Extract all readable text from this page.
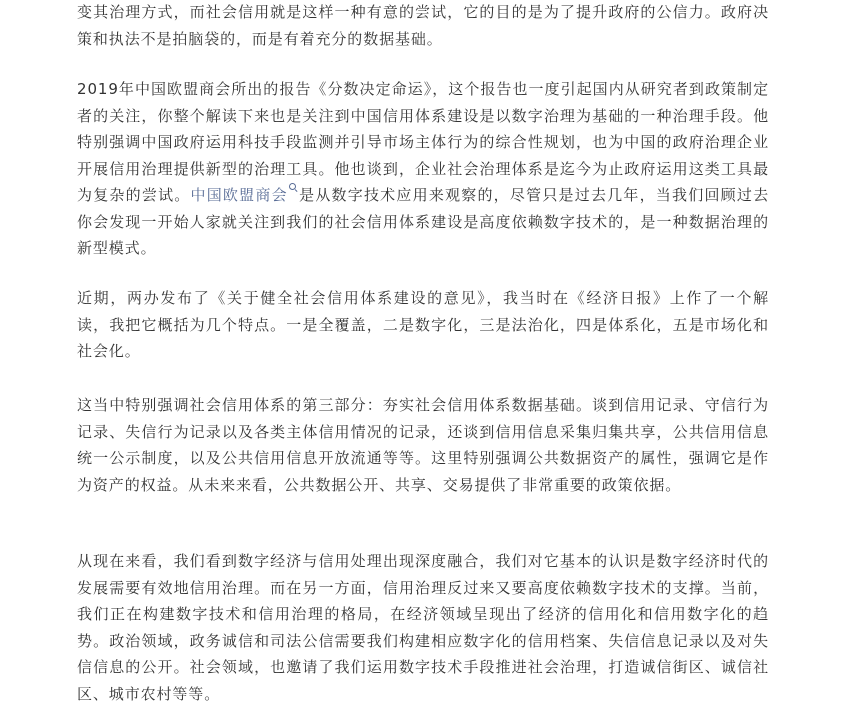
变其治理方式，而社会信用就是这样一种有意的尝试，它的目的是为了提升政府的公信力。政府决策和执法不是拍脑袋的，而是有着充分的数据基础。

2019年中国欧盟商会所出的报告《分数决定命运》，这个报告也一度引起国内从研究者到政策制定者的关注，你整个解读下来也是关注到中国信用体系建设是以数字治理为基础的一种治理手段。他特别强调中国政府运用科技手段监测并引导市场主体行为的综合性规划，也为中国的政府治理企业开展信用治理提供新型的治理工具。他也谈到，企业社会治理体系是迄今为止政府运用这类工具最为复杂的尝试。中国欧盟商会 是从数字技术应用来观察的，尽管只是过去几年，当我们回顾过去你会发现一开始人家就关注到我们的社会信用体系建设是高度依赖数字技术的，是一种数据治理的新型模式。

近期，两办发布了《关于健全社会信用体系建设的意见》，我当时在《经济日报》上作了一个解读，我把它概括为几个特点。一是全覆盖，二是数字化，三是法治化，四是体系化，五是市场化和社会化。

这当中特别强调社会信用体系的第三部分：夯实社会信用体系数据基础。谈到信用记录、守信行为记录、失信行为记录以及各类主体信用情况的记录，还谈到信用信息采集归集共享，公共信用信息统一公示制度，以及公共信用信息开放流通等等。这里特别强调公共数据资产的属性，强调它是作为资产的权益。从未来来看，公共数据公开、共享、交易提供了非常重要的政策依据。

从现在来看，我们看到数字经济与信用处理出现深度融合，我们对它基本的认识是数字经济时代的发展需要有效地信用治理。而在另一方面，信用治理反过来又要高度依赖数字技术的支撑。当前，我们正在构建数字技术和信用治理的格局，在经济领域呈现出了经济的信用化和信用数字化的趋势。政治领域，政务诚信和司法公信需要我们构建相应数字化的信用档案、失信信息记录以及对失信信息的公开。社会领域，也邀请了我们运用数字技术手段推进社会治理，打造诚信街区、诚信社区、城市农村等等。
